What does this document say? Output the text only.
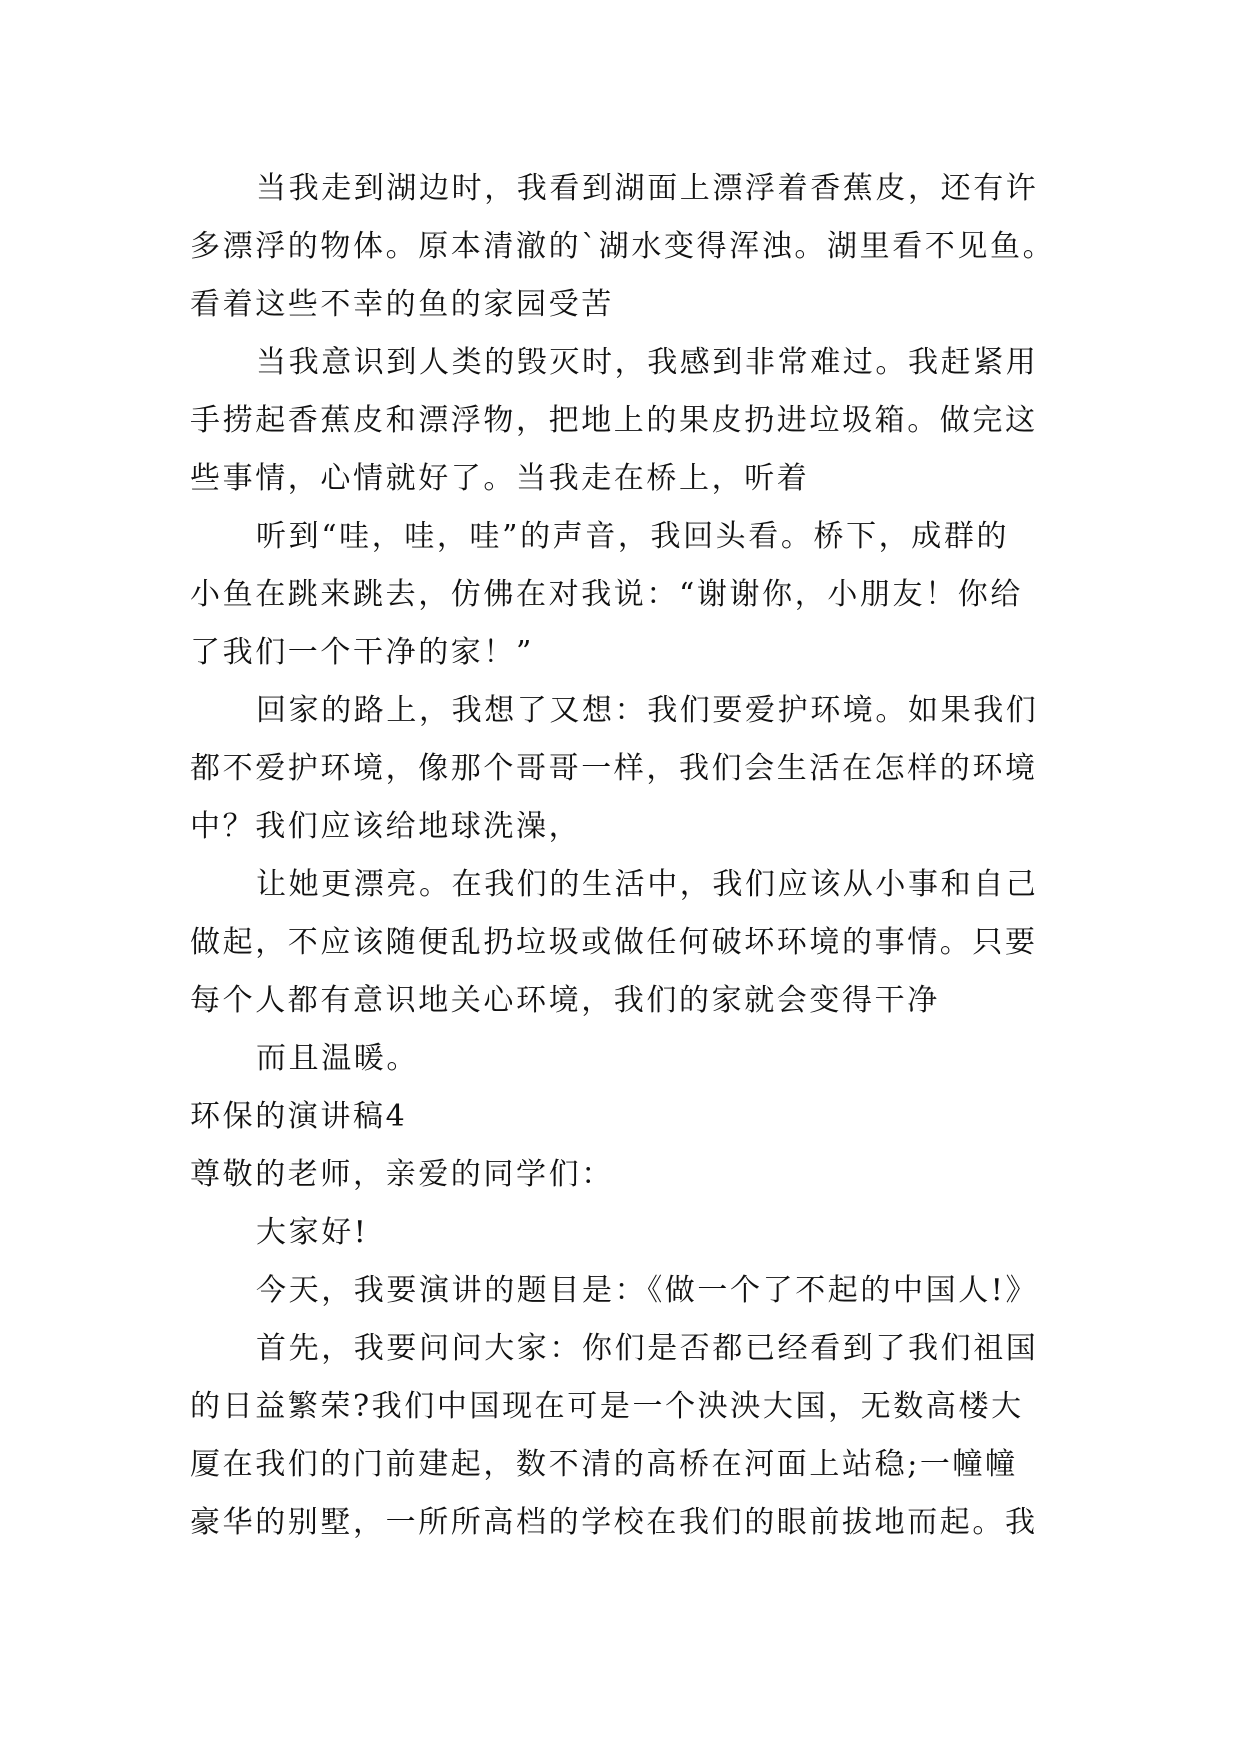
当我走到湖边时，我看到湖面上漂浮着香蕉皮，还有许
多漂浮的物体。原本清澈的`湖水变得浑浊。湖里看不见鱼。
看着这些不幸的鱼的家园受苦
当我意识到人类的毁灭时，我感到非常难过。我赶紧用
手捞起香蕉皮和漂浮物，把地上的果皮扔进垃圾箱。做完这
些事情，心情就好了。当我走在桥上，听着
听到“哇，哇，哇”的声音，我回头看。桥下，成群的
小鱼在跳来跳去，仿佛在对我说：“谢谢你，小朋友！你给
了我们一个干净的家！”
回家的路上，我想了又想：我们要爱护环境。如果我们
都不爱护环境，像那个哥哥一样，我们会生活在怎样的环境
中？我们应该给地球洗澡，
让她更漂亮。在我们的生活中，我们应该从小事和自己
做起，不应该随便乱扔垃圾或做任何破坏环境的事情。只要
每个人都有意识地关心环境，我们的家就会变得干净
而且温暖。
环保的演讲稿4
尊敬的老师，亲爱的同学们：
大家好!
今天，我要演讲的题目是：《做一个了不起的中国人!》
首先，我要问问大家：你们是否都已经看到了我们祖国
的日益繁荣?我们中国现在可是一个泱泱大国，无数高楼大
厦在我们的门前建起，数不清的高桥在河面上站稳;一幢幢
豪华的别墅，一所所高档的学校在我们的眼前拔地而起。我
